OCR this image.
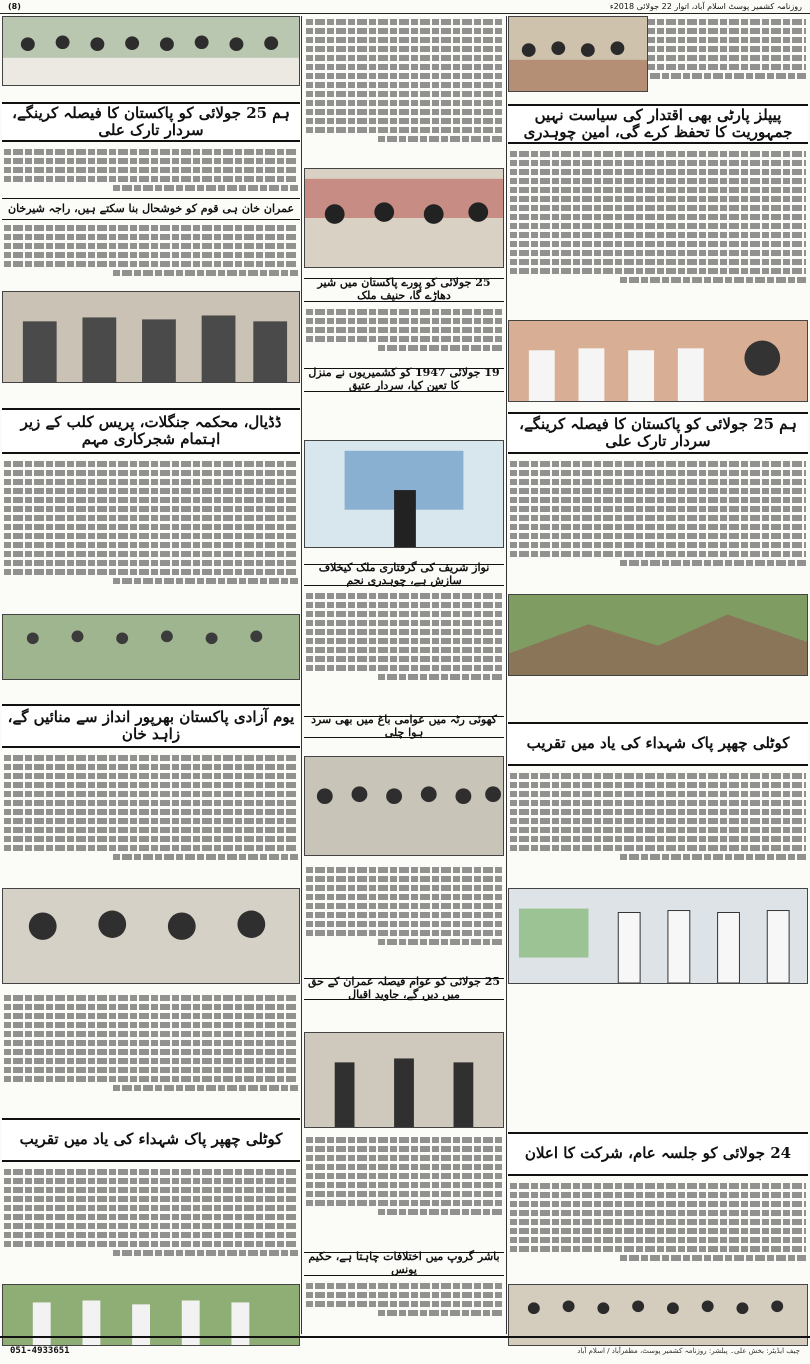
(8)	روزنامہ کشمیر پوسٹ اسلام آباد، اتوار 22 جولائی 2018ء
ہم 25 جولائی کو پاکستان کا فیصلہ کرینگے، سردار تارک علی
عمران خان ہی قوم کو خوشحال بنا سکتے ہیں، راجہ شیرخان
ڈڈیال، محکمہ جنگلات، پریس کلب کے زیر اہتمام شجرکاری مہم
یوم آزادی پاکستان بھرپور انداز سے منائیں گے، زاہد خان
کوٹلی چھپر پاک شہداء کی یاد میں تقریب
25 جولائی کو پورے پاکستان میں شیر دھاڑے گا، حنیف ملک
19 جولائی 1947 کو کشمیریوں نے منزل کا تعین کیا، سردار عتیق
نواز شریف کی گرفتاری ملک کیخلاف سازش ہے، چوہدری نجم
کھوئی رٹہ میں عوامی باغ میں بھی سرد ہوا چلی
25 جولائی کو عوام فیصلہ عمران کے حق میں دیں گے، جاوید اقبال
باشر گروپ میں اختلافات چاہتا ہے، حکیم یونس
پیپلز پارٹی بھی اقتدار کی سیاست نہیں جمہوریت کا تحفظ کرے گی، امین چوہدری
ہم 25 جولائی کو پاکستان کا فیصلہ کرینگے، سردار تارک علی
کوٹلی چھپر پاک شہداء کی یاد میں تقریب
24 جولائی کو جلسہ عام، شرکت کا اعلان
051-4933651	چیف ایڈیٹر: بخش علی۔ پبلشر: روزنامہ کشمیر پوسٹ، مظفرآباد / اسلام آباد
